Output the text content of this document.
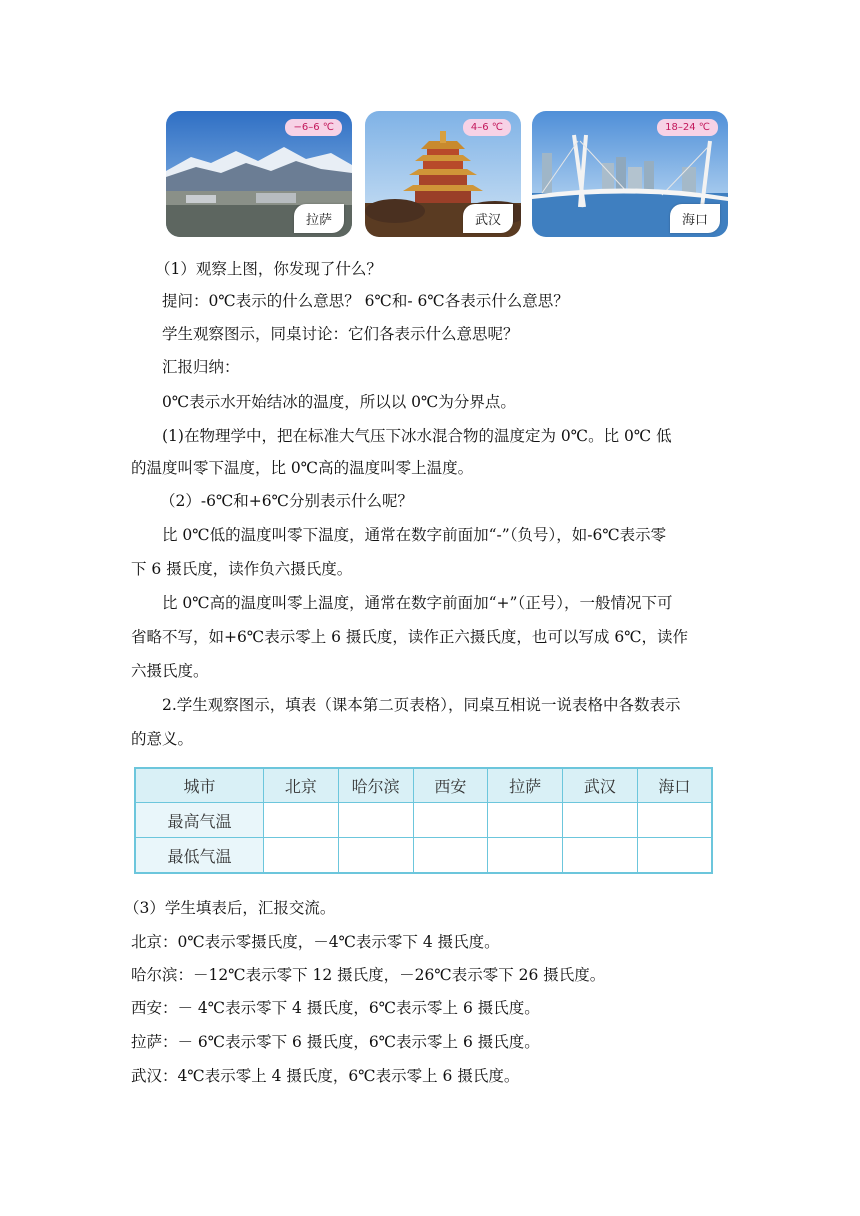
−6–6 ℃
拉萨
4–6 ℃
武汉
18–24 ℃
海口
（1）观察上图，你发现了什么？
提问：0℃表示的什么意思？ 6℃和- 6℃各表示什么意思？
学生观察图示，同桌讨论：它们各表示什么意思呢？
汇报归纳：
0℃表示水开始结冰的温度，所以以 0℃为分界点。
(1)在物理学中，把在标准大气压下冰水混合物的温度定为 0℃。比 0℃ 低
的温度叫零下温度，比 0℃高的温度叫零上温度。
（2）-6℃和+6℃分别表示什么呢？
比 0℃低的温度叫零下温度，通常在数字前面加“-”（负号），如-6℃表示零
下 6 摄氏度，读作负六摄氏度。
比 0℃高的温度叫零上温度，通常在数字前面加“+”（正号），一般情况下可
省略不写，如+6℃表示零上 6 摄氏度，读作正六摄氏度，也可以写成 6℃，读作
六摄氏度。
2.学生观察图示，填表（课本第二页表格），同桌互相说一说表格中各数表示
的意义。
城市	北京	哈尔滨	西安	拉萨	武汉	海口
最高气温						
最低气温						
（3）学生填表后，汇报交流。
北京：0℃表示零摄氏度，－4℃表示零下 4 摄氏度。
哈尔滨：－12℃表示零下 12 摄氏度，－26℃表示零下 26 摄氏度。
西安：－ 4℃表示零下 4 摄氏度，6℃表示零上 6 摄氏度。
拉萨：－ 6℃表示零下 6 摄氏度，6℃表示零上 6 摄氏度。
武汉：4℃表示零上 4 摄氏度，6℃表示零上 6 摄氏度。
